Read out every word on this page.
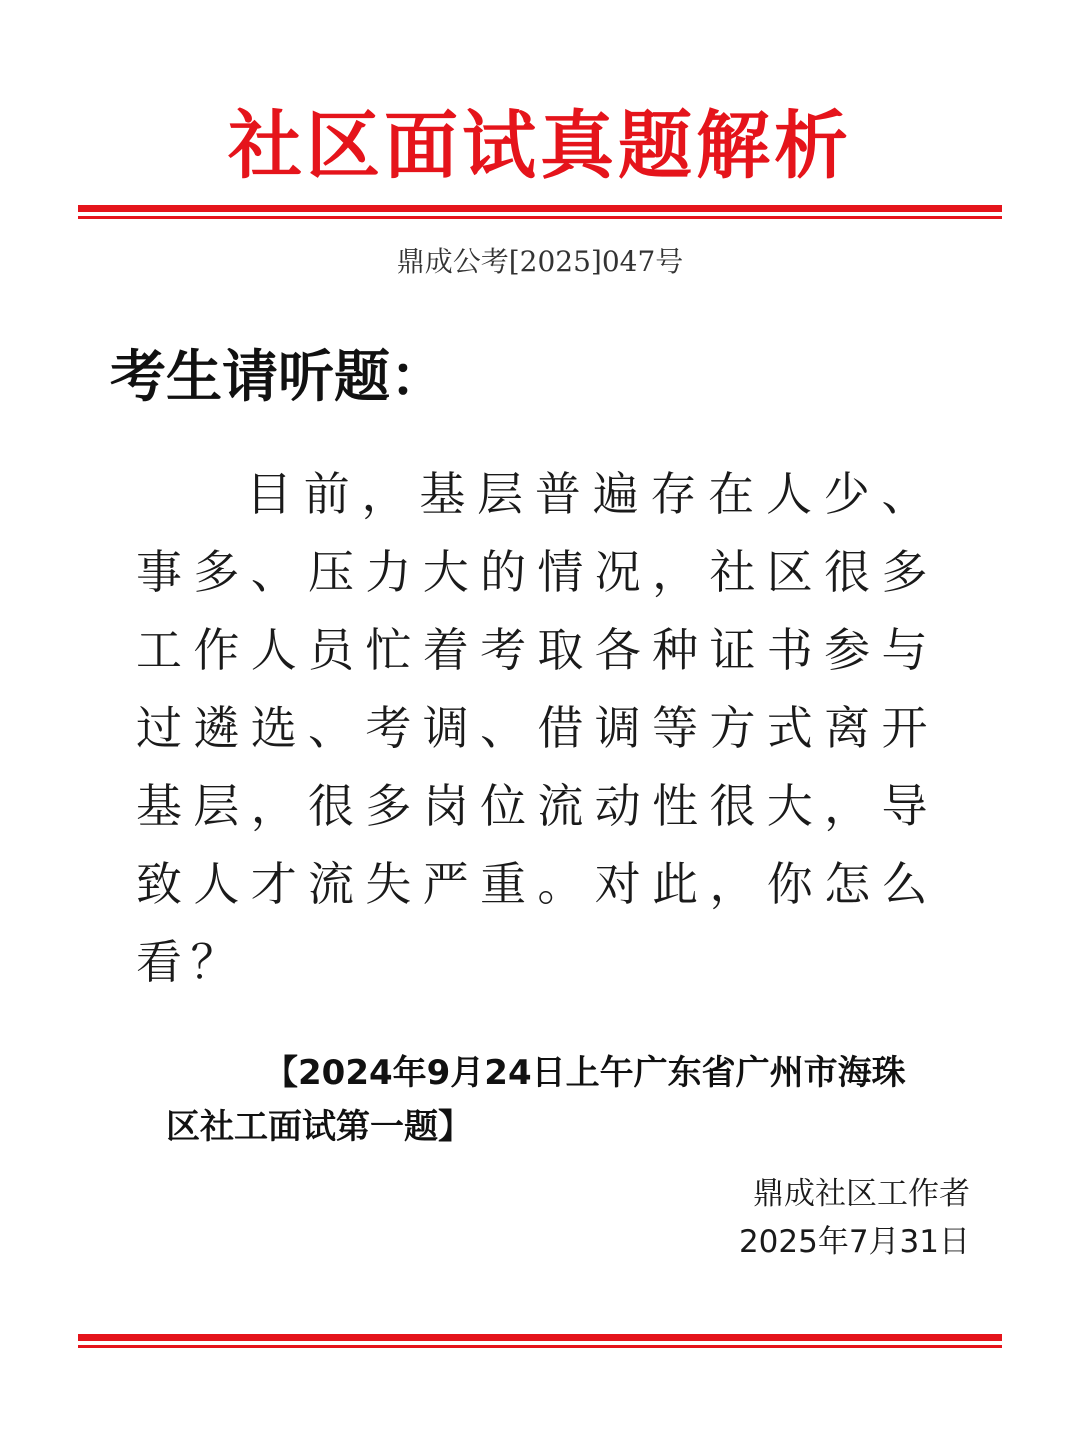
社区面试真题解析
鼎成公考[2025]047号
考生请听题：
目前，基层普遍存在人少、事多、压力大的情况，社区很多工作人员忙着考取各种证书参与过遴选、考调、借调等方式离开基层，很多岗位流动性很大，导致人才流失严重。对此，你怎么看？
【2024年9月24日上午广东省广州市海珠区社工面试第一题】
鼎成社区工作者
2025年7月31日
